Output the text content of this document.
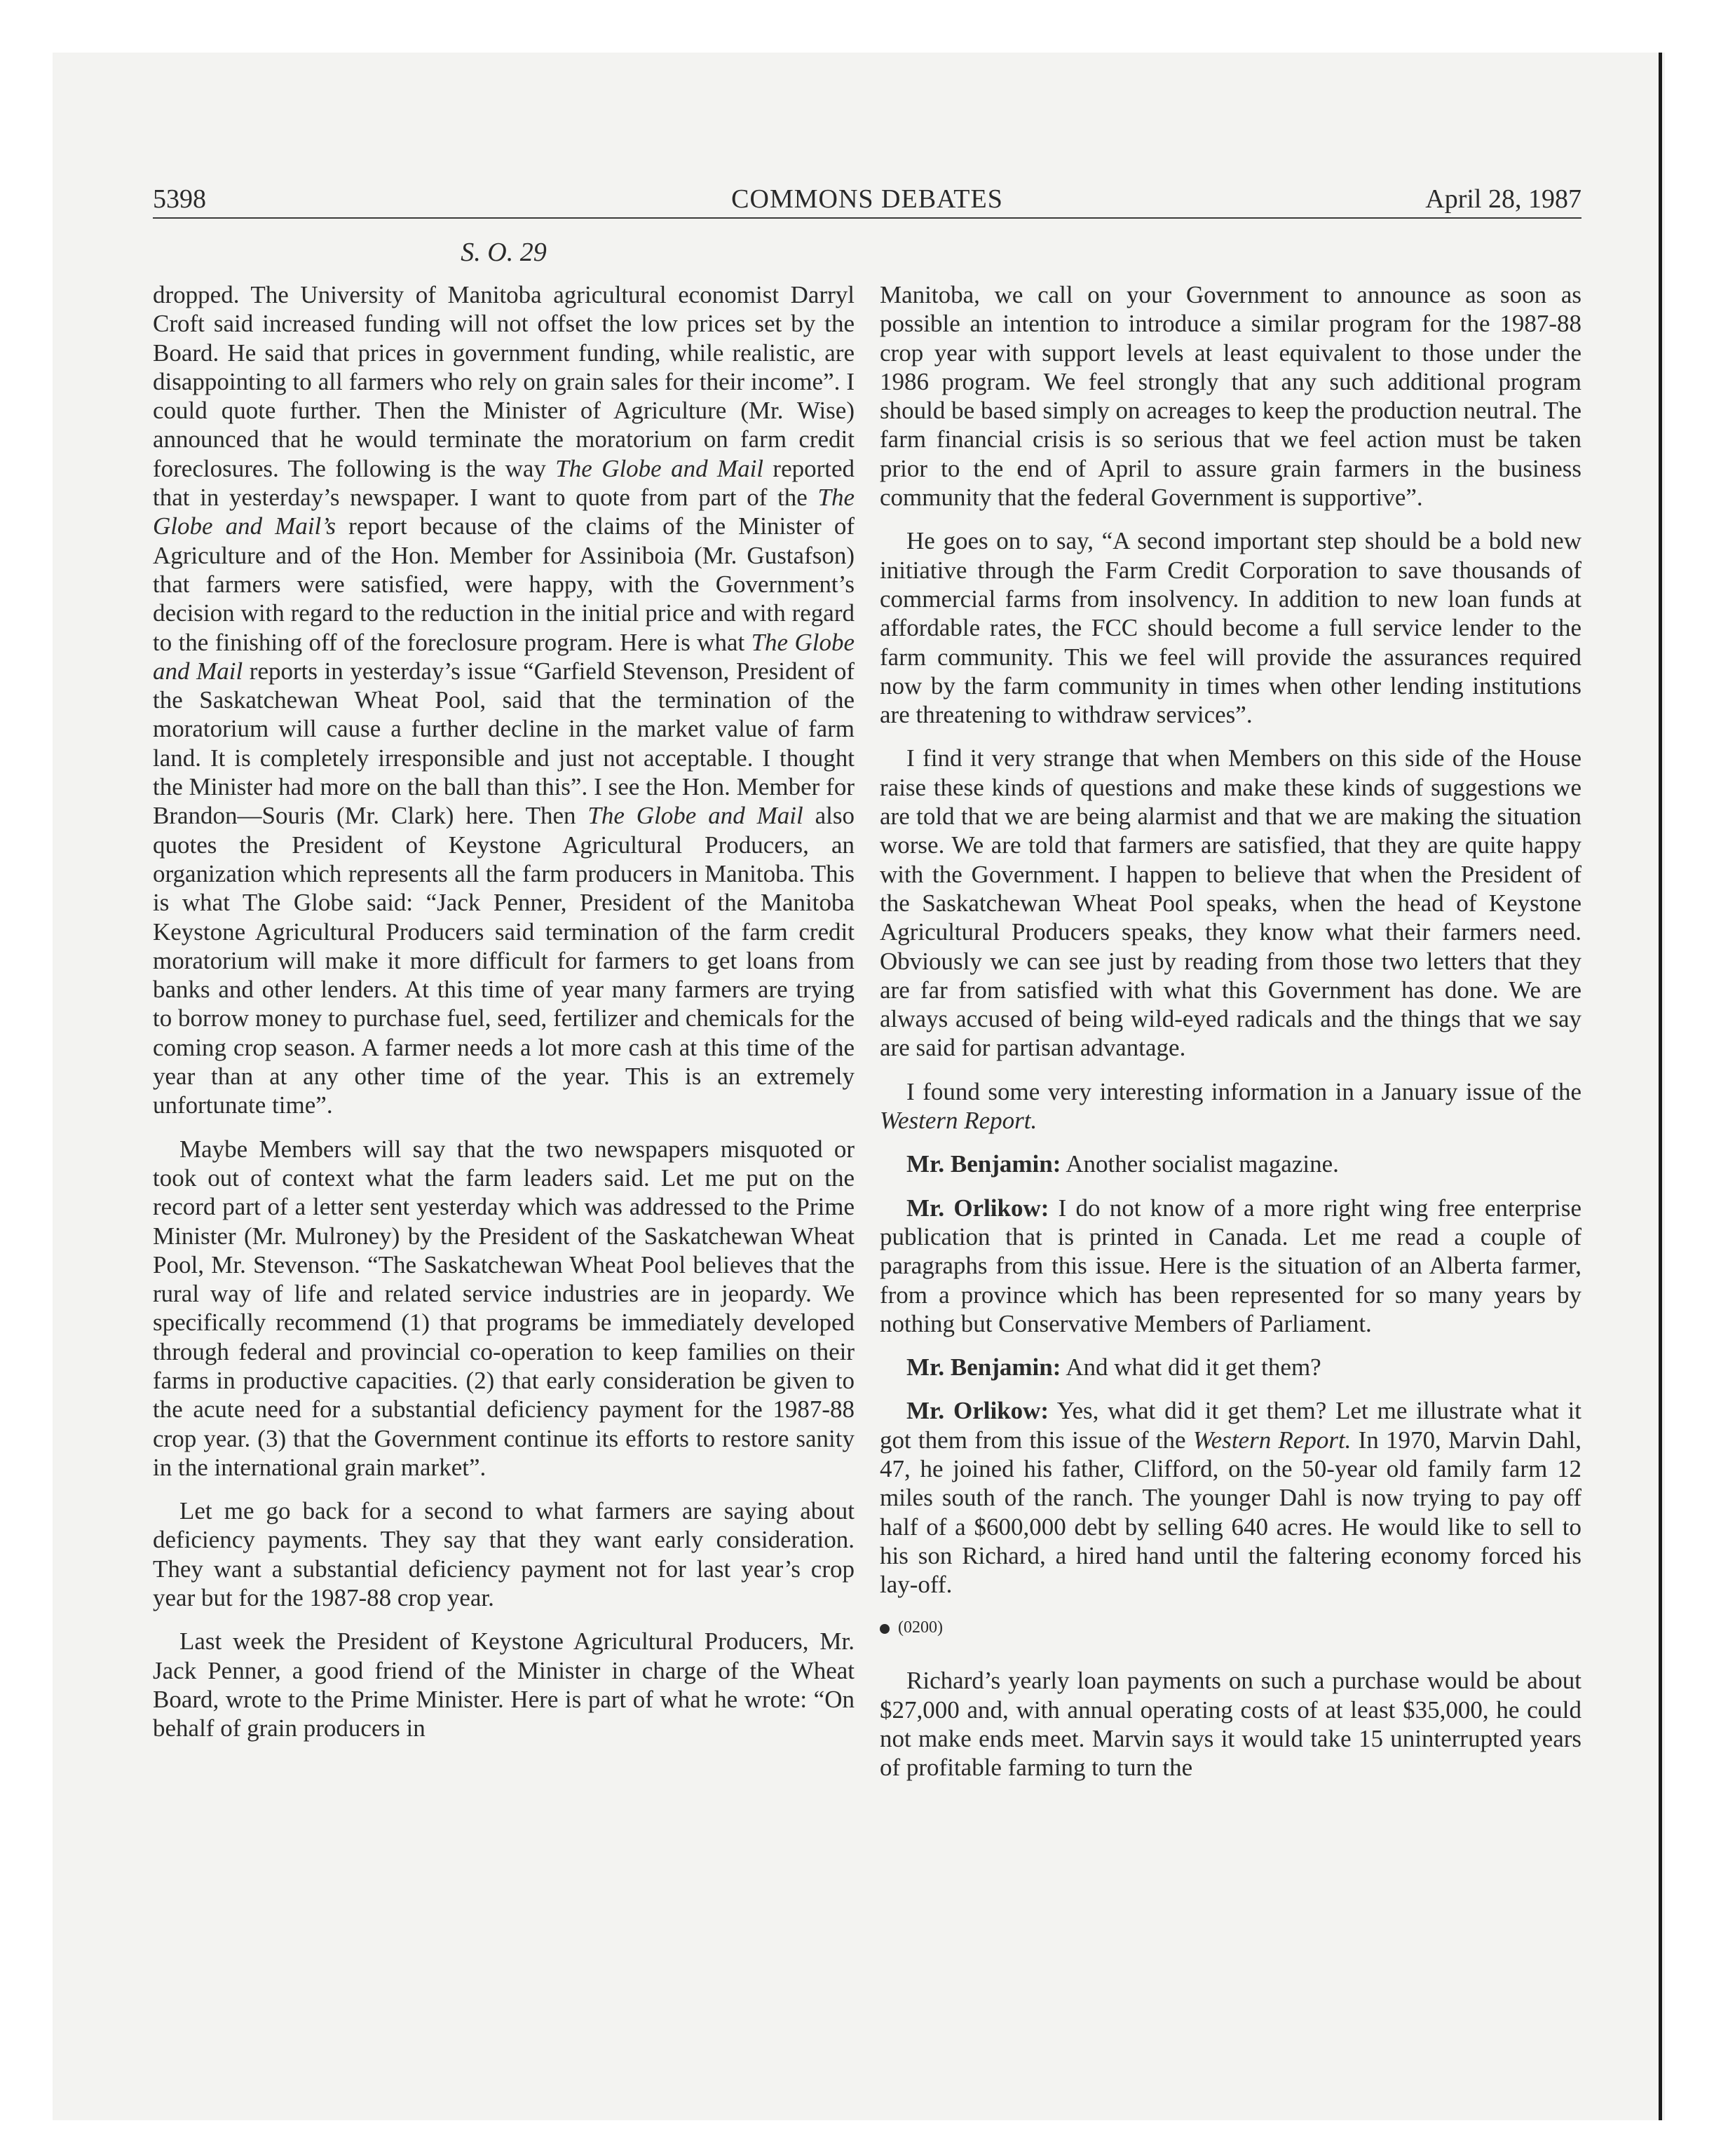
5398	COMMONS DEBATES	April 28, 1987
S. O. 29

dropped. The University of Manitoba agricultural economist Darryl Croft said increased funding will not offset the low prices set by the Board. He said that prices in government funding, while realistic, are disappointing to all farmers who rely on grain sales for their income”. I could quote further. Then the Minister of Agriculture (Mr. Wise) announced that he would terminate the moratorium on farm credit foreclosures. The following is the way The Globe and Mail reported that in yesterday’s newspaper. I want to quote from part of the The Globe and Mail’s report because of the claims of the Minister of Agriculture and of the Hon. Member for Assiniboia (Mr. Gustafson) that farmers were satisfied, were happy, with the Government’s decision with regard to the reduction in the initial price and with regard to the finishing off of the foreclosure program. Here is what The Globe and Mail reports in yesterday’s issue “Garfield Stevenson, President of the Saskatchewan Wheat Pool, said that the termination of the moratorium will cause a further decline in the market value of farm land. It is completely irresponsible and just not acceptable. I thought the Minister had more on the ball than this”. I see the Hon. Member for Brandon—Souris (Mr. Clark) here. Then The Globe and Mail also quotes the President of Keystone Agricultural Producers, an organization which represents all the farm producers in Manitoba. This is what The Globe said: “Jack Penner, President of the Manitoba Keystone Agricultural Producers said termination of the farm credit moratorium will make it more difficult for farmers to get loans from banks and other lenders. At this time of year many farmers are trying to borrow money to purchase fuel, seed, fertilizer and chemicals for the coming crop season. A farmer needs a lot more cash at this time of the year than at any other time of the year. This is an extremely unfortunate time”.

Maybe Members will say that the two newspapers misquoted or took out of context what the farm leaders said. Let me put on the record part of a letter sent yesterday which was addressed to the Prime Minister (Mr. Mulroney) by the President of the Saskatchewan Wheat Pool, Mr. Stevenson. “The Saskatchewan Wheat Pool believes that the rural way of life and related service industries are in jeopardy. We specifically recommend (1) that programs be immediately developed through federal and provincial co-operation to keep families on their farms in productive capacities. (2) that early consideration be given to the acute need for a substantial deficiency payment for the 1987-88 crop year. (3) that the Government continue its efforts to restore sanity in the international grain market”.

Let me go back for a second to what farmers are saying about deficiency payments. They say that they want early consideration. They want a substantial deficiency payment not for last year’s crop year but for the 1987-88 crop year.

Last week the President of Keystone Agricultural Producers, Mr. Jack Penner, a good friend of the Minister in charge of the Wheat Board, wrote to the Prime Minister. Here is part of what he wrote: “On behalf of grain producers in

Manitoba, we call on your Government to announce as soon as possible an intention to introduce a similar program for the 1987-88 crop year with support levels at least equivalent to those under the 1986 program. We feel strongly that any such additional program should be based simply on acreages to keep the production neutral. The farm financial crisis is so serious that we feel action must be taken prior to the end of April to assure grain farmers in the business community that the federal Government is supportive”.

He goes on to say, “A second important step should be a bold new initiative through the Farm Credit Corporation to save thousands of commercial farms from insolvency. In addition to new loan funds at affordable rates, the FCC should become a full service lender to the farm community. This we feel will provide the assurances required now by the farm community in times when other lending institutions are threatening to withdraw services”.

I find it very strange that when Members on this side of the House raise these kinds of questions and make these kinds of suggestions we are told that we are being alarmist and that we are making the situation worse. We are told that farmers are satisfied, that they are quite happy with the Government. I happen to believe that when the President of the Saskatchewan Wheat Pool speaks, when the head of Keystone Agricultural Producers speaks, they know what their farmers need. Obviously we can see just by reading from those two letters that they are far from satisfied with what this Government has done. We are always accused of being wild-eyed radicals and the things that we say are said for partisan advantage.

I found some very interesting information in a January issue of the Western Report.

Mr. Benjamin: Another socialist magazine.

Mr. Orlikow: I do not know of a more right wing free enterprise publication that is printed in Canada. Let me read a couple of paragraphs from this issue. Here is the situation of an Alberta farmer, from a province which has been represented for so many years by nothing but Conservative Members of Parliament.

Mr. Benjamin: And what did it get them?

Mr. Orlikow: Yes, what did it get them? Let me illustrate what it got them from this issue of the Western Report. In 1970, Marvin Dahl, 47, he joined his father, Clifford, on the 50-year old family farm 12 miles south of the ranch. The younger Dahl is now trying to pay off half of a $600,000 debt by selling 640 acres. He would like to sell to his son Richard, a hired hand until the faltering economy forced his lay-off.

(0200)

Richard’s yearly loan payments on such a purchase would be about $27,000 and, with annual operating costs of at least $35,000, he could not make ends meet. Marvin says it would take 15 uninterrupted years of profitable farming to turn the
